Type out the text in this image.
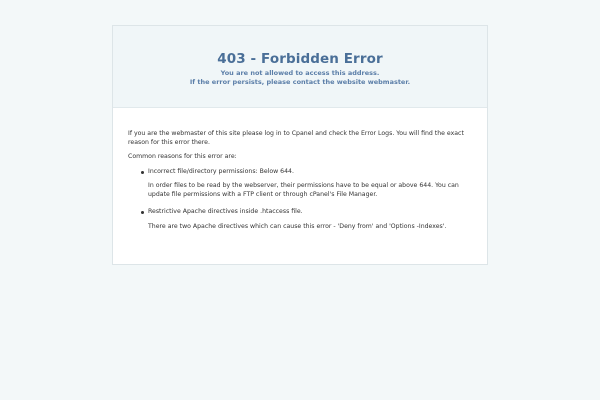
403 - Forbidden Error
You are not allowed to access this address.
If the error persists, please contact the website webmaster.

If you are the webmaster of this site please log in to Cpanel and check the Error Logs. You will find the exact reason for this error there.

Common reasons for this error are:

Incorrect file/directory permissions: Below 644.
In order files to be read by the webserver, their permissions have to be equal or above 644. You can update file permissions with a FTP client or through cPanel's File Manager.
Restrictive Apache directives inside .htaccess file.
There are two Apache directives which can cause this error - 'Deny from' and 'Options -Indexes'.
